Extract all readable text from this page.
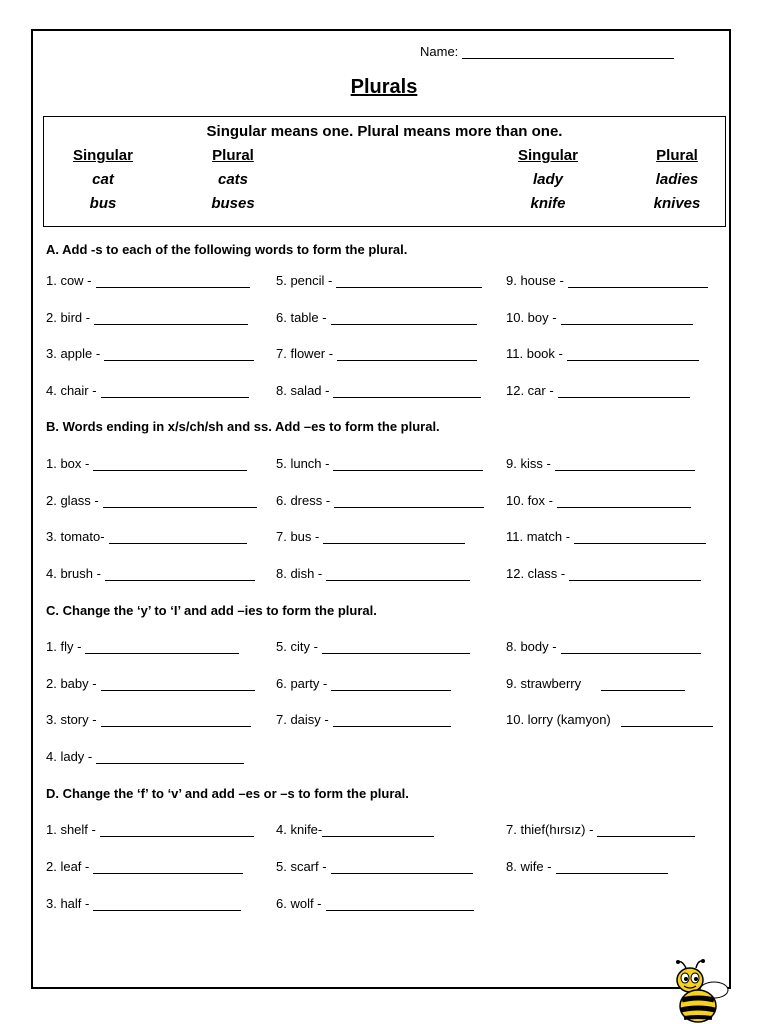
Name:
Plurals
Singular means one. Plural means more than one.
Singular
cat
bus
Plural
cats
buses
Singular
lady
knife
Plural
ladies
knives
A. Add -s to each of the following words to form the plural.
1. cow -
2. bird -
3. apple -
4. chair -
5. pencil -
6. table -
7. flower -
8. salad -
9. house -
10. boy -
11. book -
12. car -
B. Words ending in x/s/ch/sh and ss. Add –es to form the plural.
1. box -
2. glass -
3. tomato-
4. brush -
5. lunch -
6. dress -
7. bus -
8. dish -
9. kiss -
10. fox -
11. match -
12. class -
C. Change the ‘y’ to ‘I’ and add –ies to form the plural.
1. fly -
2. baby -
3. story -
4. lady -
5. city -
6. party -
7. daisy -
8. body -
9. strawberry
10. lorry (kamyon)
D. Change the ‘f’ to ‘v’ and add –es or –s to form the plural.
1. shelf -
2. leaf -
3. half -
4. knife-
5. scarf -
6. wolf -
7. thief(hırsız) -
8. wife -
